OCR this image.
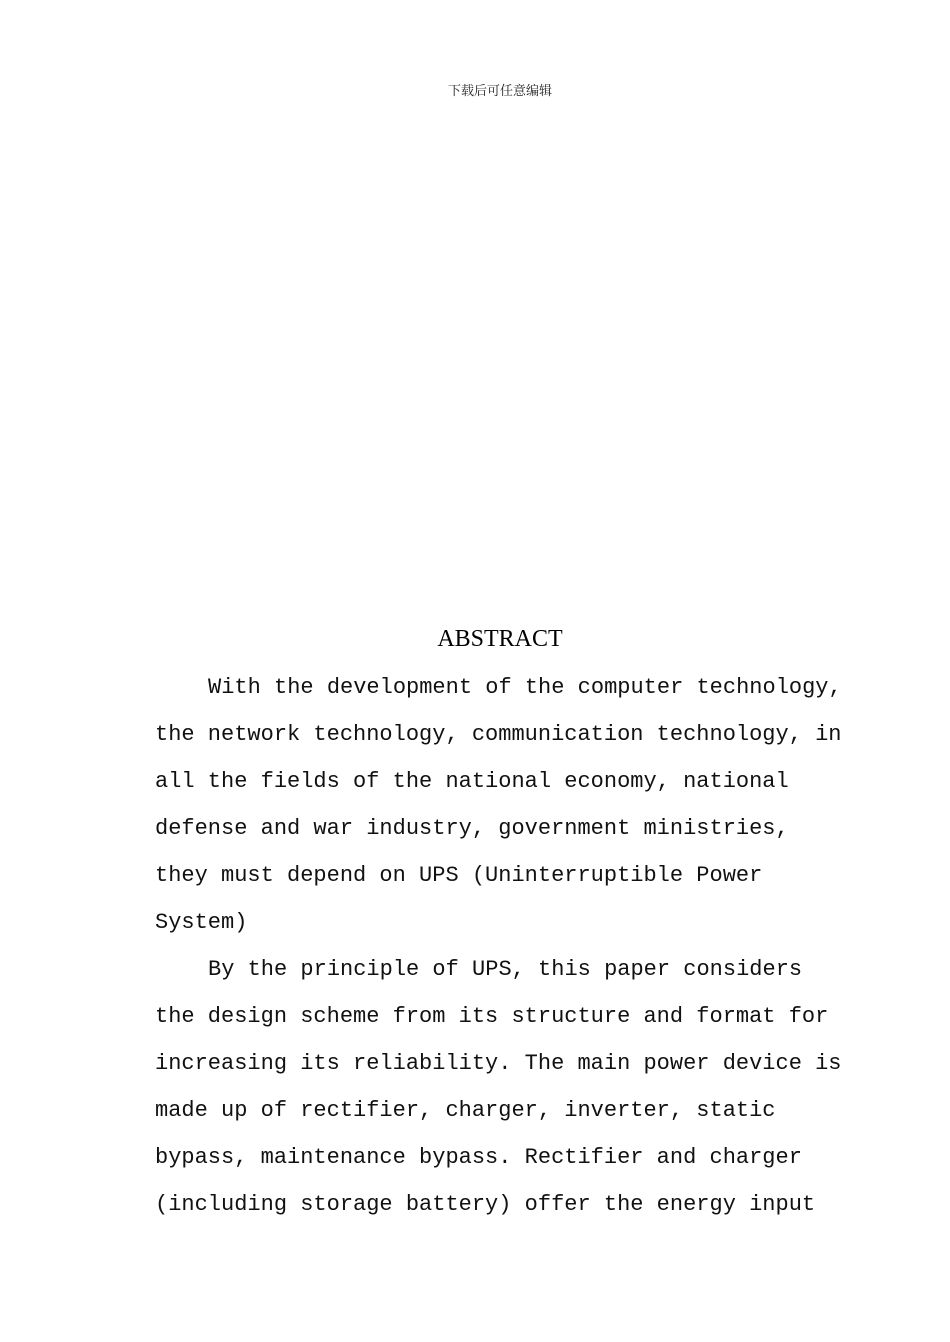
下载后可任意编辑
ABSTRACT

With the development of the computer technology,
the network technology, communication technology, in
all the fields of the national economy, national
defense and war industry, government ministries,
they must depend on UPS (Uninterruptible Power
System)

By the principle of UPS, this paper considers
the design scheme from its structure and format for
increasing its reliability. The main power device is
made up of rectifier, charger, inverter, static
bypass, maintenance bypass. Rectifier and charger
(including storage battery) offer the energy input
